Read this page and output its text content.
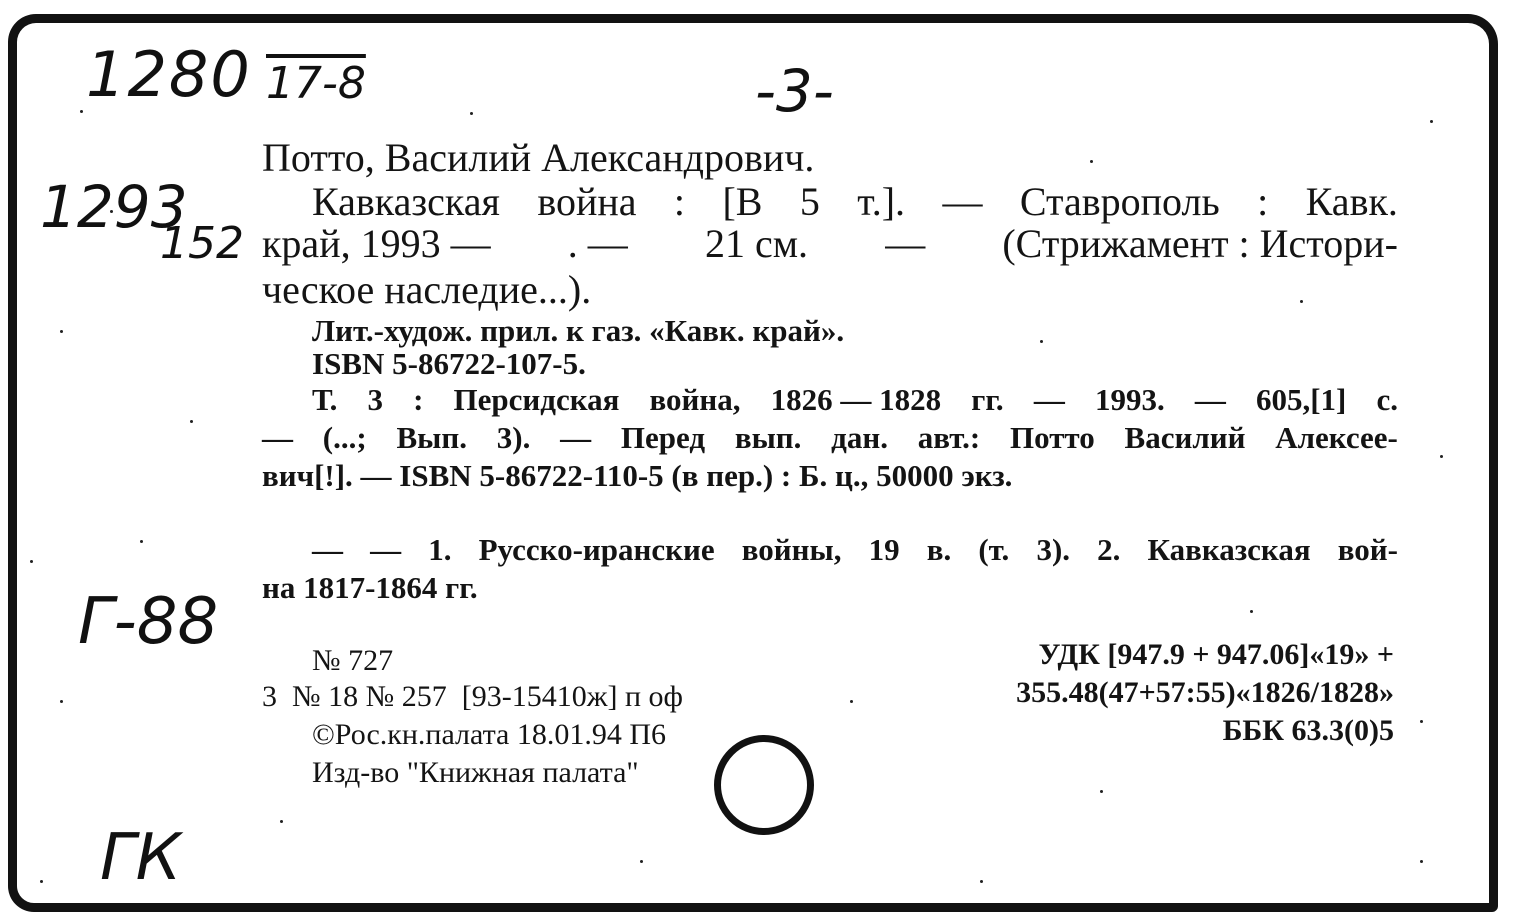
1280 17-8	-3-
1293
152
Г-88
ГК
Потто, Василий Александрович.
Кавказская война : [В 5 т.]. — Ставрополь : Кавк.
край, 1993 — . — 21 см. — (Стрижамент : Истори-
ческое наследие...).
Лит.-худож. прил. к газ. «Кавк. край».
ISBN 5-86722-107-5.
Т. 3 : Персидская война, 1826 — 1828 гг. — 1993. — 605,[1] с.
— (...; Вып. 3). — Перед вып. дан. авт.: Потто Василий Алексее-
вич[!]. — ISBN 5-86722-110-5 (в пер.) : Б. ц., 50000 экз.
— — 1. Русско-иранские войны, 19 в. (т. 3). 2. Кавказская вой-
на 1817-1864 гг.
№ 727
3  № 18 № 257  [93-15410ж] п оф
©Рос.кн.палата 18.01.94 П6
Изд-во "Книжная палата"
УДК [947.9 + 947.06]«19» +
355.48(47+57:55)«1826/1828»
ББК 63.3(0)5
